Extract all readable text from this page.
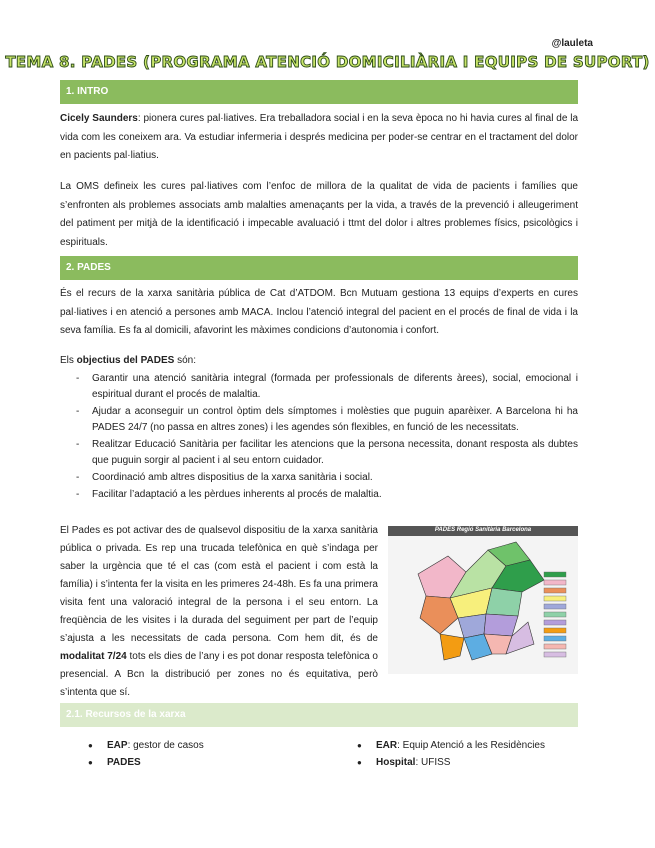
@lauleta
TEMA 8. PADES (PROGRAMA ATENCIÓ DOMICILIÀRIA I EQUIPS DE SUPORT)
1. INTRO

Cicely Saunders: pionera cures pal·liatives. Era treballadora social i en la seva època no hi havia cures al final de la vida com les coneixem ara. Va estudiar infermeria i després medicina per poder-se centrar en el tractament del dolor en pacients pal·liatius.

La OMS defineix les cures pal·liatives com l’enfoc de millora de la qualitat de vida de pacients i famílies que s’enfronten als problemes associats amb malalties amenaçants per la vida, a través de la prevenció i alleugeriment del patiment per mitjà de la identificació i impecable avaluació i ttmt del dolor i altres problemes físics, psicològics i espirituals.

2. PADES

És el recurs de la xarxa sanitària pública de Cat d’ATDOM. Bcn Mutuam gestiona 13 equips d’experts en cures pal·liatives i en atenció a persones amb MACA. Inclou l’atenció integral del pacient en el procés de final de vida i la seva família. Es fa al domicili, afavorint les màximes condicions d’autonomia i confort.

Els objectius del PADES són:

- Garantir una atenció sanitària integral (formada per professionals de diferents àrees), social, emocional i espiritual durant el procés de malaltia.
- Ajudar a aconseguir un control òptim dels símptomes i molèsties que puguin aparèixer. A Barcelona hi ha PADES 24/7 (no passa en altres zones) i les agendes són flexibles, en funció de les necessitats.
- Realitzar Educació Sanitària per facilitar les atencions que la persona necessita, donant resposta als dubtes que puguin sorgir al pacient i al seu entorn cuidador.
- Coordinació amb altres dispositius de la xarxa sanitària i social.
- Facilitar l’adaptació a les pèrdues inherents al procés de malaltia.

El Pades es pot activar des de qualsevol dispositiu de la xarxa sanitària pública o privada. Es rep una trucada telefònica en què s’indaga per saber la urgència que té el cas (com està el pacient i com està la família) i s’intenta fer la visita en les primeres 24-48h. Es fa una primera visita fent una valoració integral de la persona i el seu entorn. La freqüència de les visites i la durada del seguiment per part de l’equip s’ajusta a les necessitats de cada persona. Com hem dit, és de modalitat 7/24 tots els dies de l’any i es pot donar resposta telefònica o presencial. A Bcn la distribució per zones no és equitativa, però s’intenta que sí.

PADES Regió Sanitària Barcelona
2.1. Recursos de la xarxa
● EAP: gestor de casos
● PADES
● EAR: Equip Atenció a les Residències
● Hospital: UFISS
